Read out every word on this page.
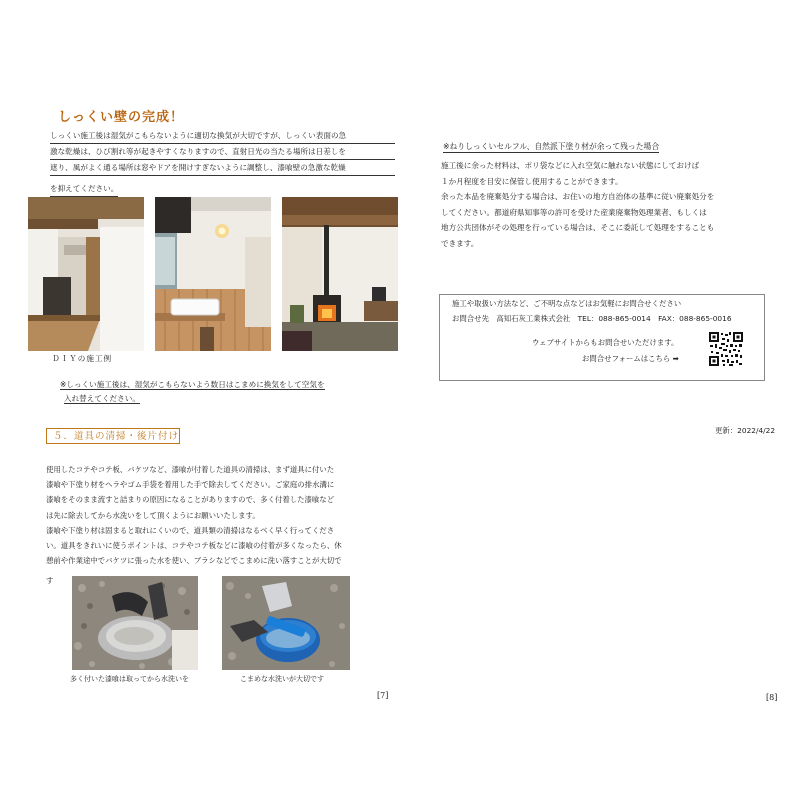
しっくい壁の完成！
しっくい施工後は湿気がこもらないように適切な換気が大切ですが、しっくい表面の急
激な乾燥は、ひび割れ等が起きやすくなりますので、直射日光の当たる場所は日差しを
遮り、風がよく通る場所は窓やドアを開けすぎないように調整し、漆喰壁の急激な乾燥
を抑えてください。
ＤＩＹの施工例
※しっくい施工後は、湿気がこもらないよう数日はこまめに換気をして空気を
入れ替えてください。
５．道具の清掃・後片付け
使用したコテやコテ板、バケツなど、漆喰が付着した道具の清掃は、まず道具に付いた
漆喰や下塗り材をヘラやゴム手袋を着用した手で除去してください。ご家庭の排水溝に
漆喰をそのまま流すと詰まりの原因になることがありますので、多く付着した漆喰など
は先に除去してから水洗いをして頂くようにお願いいたします。
漆喰や下塗り材は固まると取れにくいので、道具類の清掃はなるべく早く行ってくださ
い。道具をきれいに使うポイントは、コテやコテ板などに漆喰の付着が多くなったら、休
憩前や作業途中でバケツに張った水を使い、ブラシなどでこまめに洗い落すことが大切で
す
多く付いた漆喰は取ってから水洗いを	こまめな水洗いが大切です
[7]
※ねりしっくいセルフル、自然派下塗り材が余って残った場合
施工後に余った材料は、ポリ袋などに入れ空気に触れない状態にしておけば
１か月程度を目安に保管し使用することができます。
余った本品を廃棄処分する場合は、お住いの地方自治体の基準に従い廃棄処分を
してください。都道府県知事等の許可を受けた産業廃棄物処理業者、もしくは
地方公共団体がその処理を行っている場合は、そこに委託して処理をすることも
できます。
施工や取扱い方法など、ご不明な点などはお気軽にお問合せください
お問合せ先　高知石灰工業株式会社　TEL：088-865-0014　FAX：088-865-0016
ウェブサイトからもお問合せいただけます。
お問合せフォームはこちら ➡
更新：2022/4/22
[8]
